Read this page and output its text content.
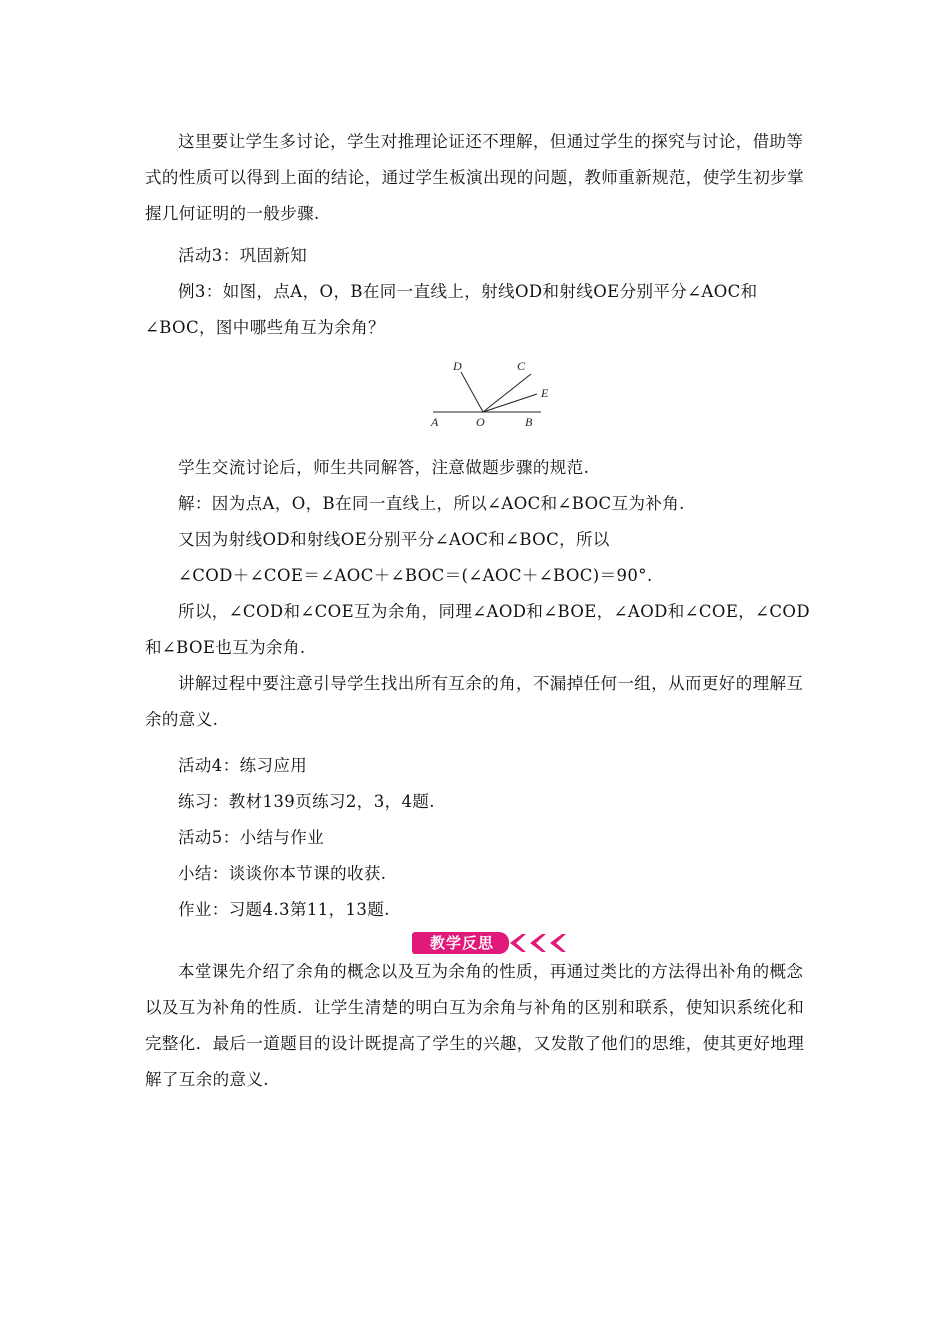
这里要让学生多讨论，学生对推理论证还不理解，但通过学生的探究与讨论，借助等式的性质可以得到上面的结论，通过学生板演出现的问题，教师重新规范，使学生初步掌握几何证明的一般步骤.
活动3：巩固新知
例3：如图，点A，O，B在同一直线上，射线OD和射线OE分别平分∠AOC和∠BOC，图中哪些角互为余角？
D	C
E
A	O	B
学生交流讨论后，师生共同解答，注意做题步骤的规范.
解：因为点A，O，B在同一直线上，所以∠AOC和∠BOC互为补角.
又因为射线OD和射线OE分别平分∠AOC和∠BOC，所以
∠COD＋∠COE＝∠AOC＋∠BOC＝(∠AOC＋∠BOC)＝90°.
所以，∠COD和∠COE互为余角，同理∠AOD和∠BOE，∠AOD和∠COE，∠COD和∠BOE也互为余角.
讲解过程中要注意引导学生找出所有互余的角，不漏掉任何一组，从而更好的理解互余的意义.
活动4：练习应用
练习：教材139页练习2，3，4题.
活动5：小结与作业
小结：谈谈你本节课的收获.
作业：习题4.3第11，13题.
教学反思
本堂课先介绍了余角的概念以及互为余角的性质，再通过类比的方法得出补角的概念以及互为补角的性质．让学生清楚的明白互为余角与补角的区别和联系，使知识系统化和完整化．最后一道题目的设计既提高了学生的兴趣，又发散了他们的思维，使其更好地理解了互余的意义.
